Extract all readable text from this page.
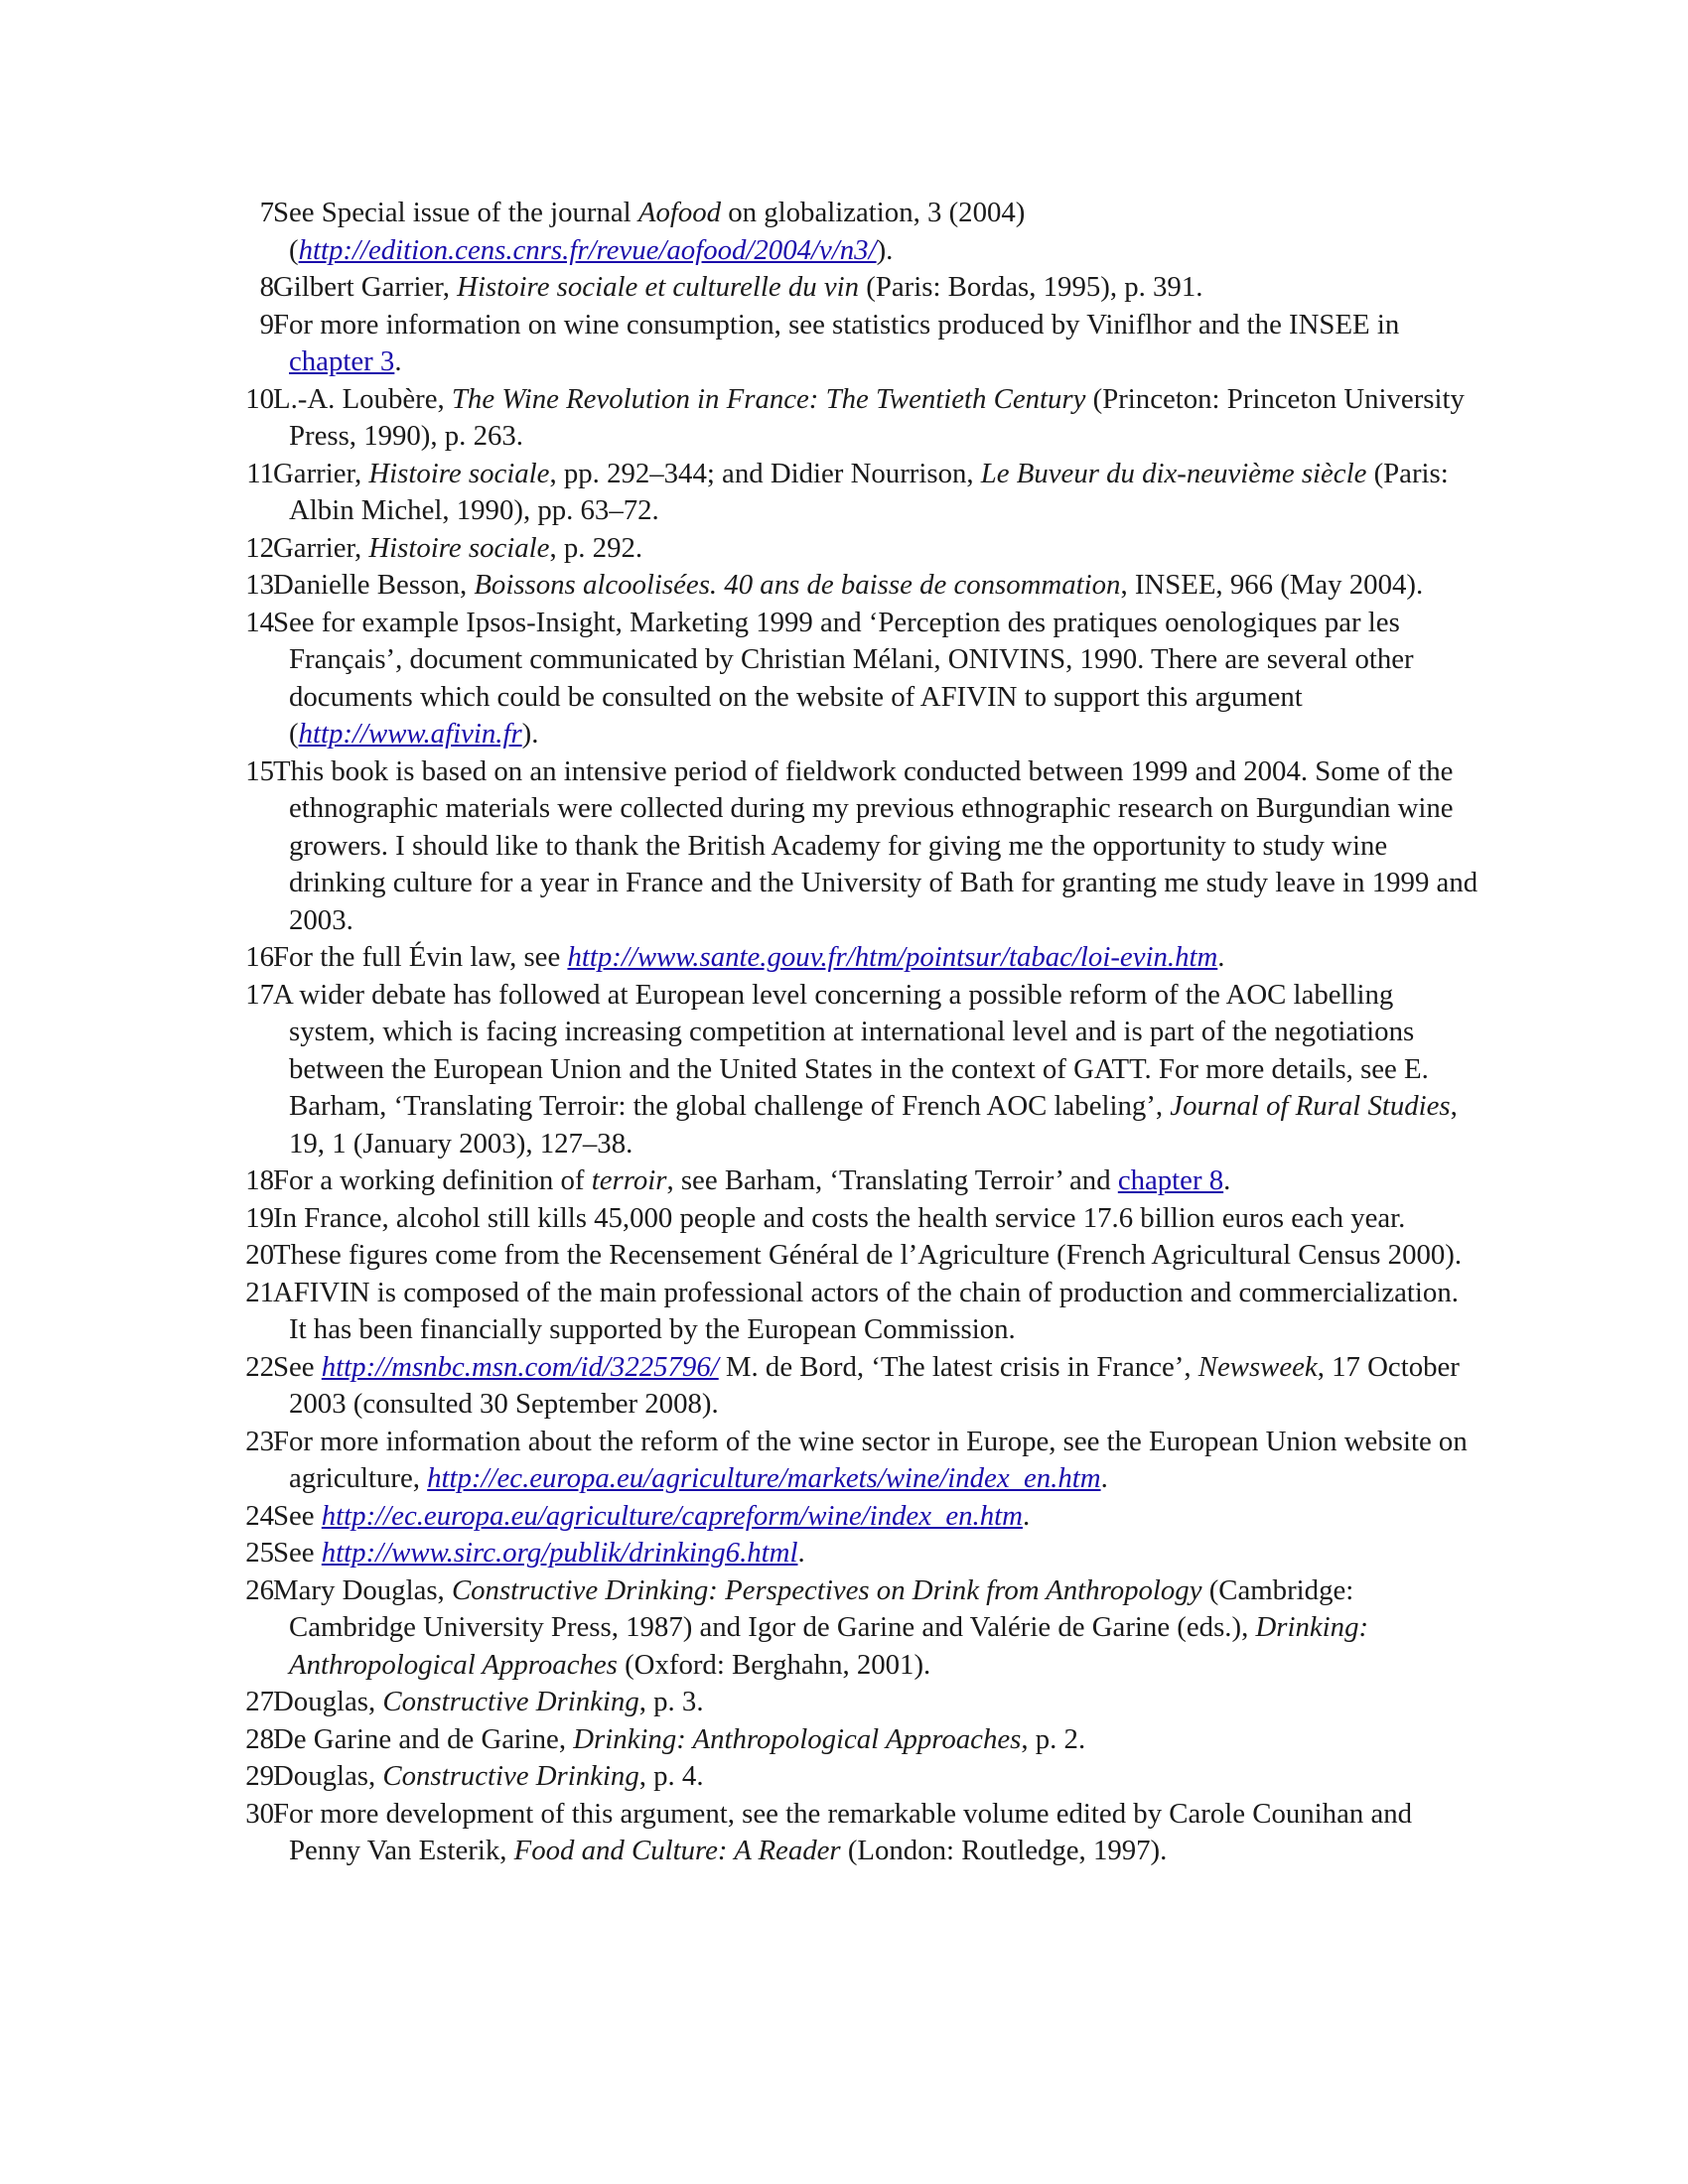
7 See Special issue of the journal Aofood on globalization, 3 (2004) (http://edition.cens.cnrs.fr/revue/aofood/2004/v/n3/).
8 Gilbert Garrier, Histoire sociale et culturelle du vin (Paris: Bordas, 1995), p. 391.
9 For more information on wine consumption, see statistics produced by Viniflhor and the INSEE in chapter 3.
10 L.-A. Loubère, The Wine Revolution in France: The Twentieth Century (Princeton: Princeton University Press, 1990), p. 263.
11 Garrier, Histoire sociale, pp. 292–344; and Didier Nourrison, Le Buveur du dix-neuvième siècle (Paris: Albin Michel, 1990), pp. 63–72.
12 Garrier, Histoire sociale, p. 292.
13 Danielle Besson, Boissons alcoolisées. 40 ans de baisse de consommation, INSEE, 966 (May 2004).
14 See for example Ipsos-Insight, Marketing 1999 and ‘Perception des pratiques oenologiques par les Français’, document communicated by Christian Mélani, ONIVINS, 1990. There are several other documents which could be consulted on the website of AFIVIN to support this argument (http://www.afivin.fr).
15 This book is based on an intensive period of fieldwork conducted between 1999 and 2004. Some of the ethnographic materials were collected during my previous ethnographic research on Burgundian wine growers. I should like to thank the British Academy for giving me the opportunity to study wine drinking culture for a year in France and the University of Bath for granting me study leave in 1999 and 2003.
16 For the full Évin law, see http://www.sante.gouv.fr/htm/pointsur/tabac/loi-evin.htm.
17 A wider debate has followed at European level concerning a possible reform of the AOC labelling system, which is facing increasing competition at international level and is part of the negotiations between the European Union and the United States in the context of GATT. For more details, see E. Barham, ‘Translating Terroir: the global challenge of French AOC labeling’, Journal of Rural Studies, 19, 1 (January 2003), 127–38.
18 For a working definition of terroir, see Barham, ‘Translating Terroir’ and chapter 8.
19 In France, alcohol still kills 45,000 people and costs the health service 17.6 billion euros each year.
20 These figures come from the Recensement Général de l’Agriculture (French Agricultural Census 2000).
21 AFIVIN is composed of the main professional actors of the chain of production and commercialization. It has been financially supported by the European Commission.
22 See http://msnbc.msn.com/id/3225796/ M. de Bord, ‘The latest crisis in France’, Newsweek, 17 October 2003 (consulted 30 September 2008).
23 For more information about the reform of the wine sector in Europe, see the European Union website on agriculture, http://ec.europa.eu/agriculture/markets/wine/index_en.htm.
24 See http://ec.europa.eu/agriculture/capreform/wine/index_en.htm.
25 See http://www.sirc.org/publik/drinking6.html.
26 Mary Douglas, Constructive Drinking: Perspectives on Drink from Anthropology (Cambridge: Cambridge University Press, 1987) and Igor de Garine and Valérie de Garine (eds.), Drinking: Anthropological Approaches (Oxford: Berghahn, 2001).
27 Douglas, Constructive Drinking, p. 3.
28 De Garine and de Garine, Drinking: Anthropological Approaches, p. 2.
29 Douglas, Constructive Drinking, p. 4.
30 For more development of this argument, see the remarkable volume edited by Carole Counihan and Penny Van Esterik, Food and Culture: A Reader (London: Routledge, 1997).
